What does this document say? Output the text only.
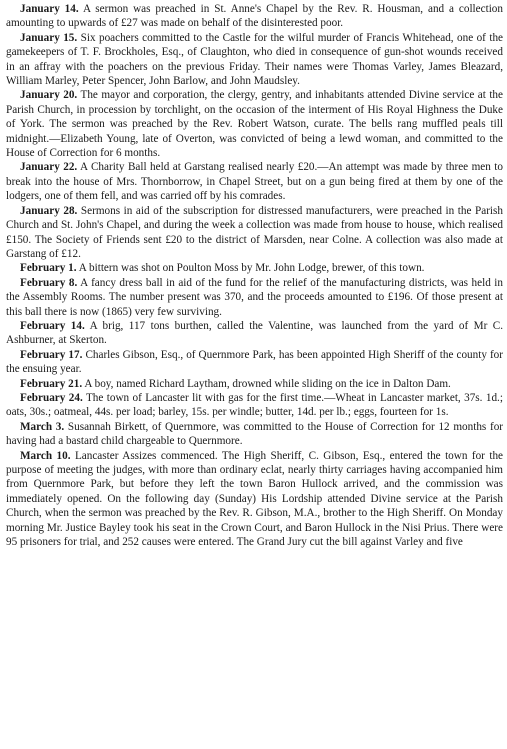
January 14. A sermon was preached in St. Anne's Chapel by the Rev. R. Housman, and a collection amounting to upwards of £27 was made on behalf of the disinterested poor.

January 15. Six poachers committed to the Castle for the wilful murder of Francis Whitehead, one of the gamekeepers of T. F. Brockholes, Esq., of Claughton, who died in consequence of gun-shot wounds received in an affray with the poachers on the previous Friday. Their names were Thomas Varley, James Bleazard, William Marley, Peter Spencer, John Barlow, and John Maudsley.

January 20. The mayor and corporation, the clergy, gentry, and inhabitants attended Divine service at the Parish Church, in procession by torchlight, on the occasion of the interment of His Royal Highness the Duke of York. The sermon was preached by the Rev. Robert Watson, curate. The bells rang muffled peals till midnight.—Elizabeth Young, late of Overton, was convicted of being a lewd woman, and committed to the House of Correction for 6 months.

January 22. A Charity Ball held at Garstang realised nearly £20.—An attempt was made by three men to break into the house of Mrs. Thornborrow, in Chapel Street, but on a gun being fired at them by one of the lodgers, one of them fell, and was carried off by his comrades.

January 28. Sermons in aid of the subscription for distressed manufacturers, were preached in the Parish Church and St. John's Chapel, and during the week a collection was made from house to house, which realised £150. The Society of Friends sent £20 to the district of Marsden, near Colne. A collection was also made at Garstang of £12.

February 1. A bittern was shot on Poulton Moss by Mr. John Lodge, brewer, of this town.

February 8. A fancy dress ball in aid of the fund for the relief of the manufacturing districts, was held in the Assembly Rooms. The number present was 370, and the proceeds amounted to £196. Of those present at this ball there is now (1865) very few surviving.

February 14. A brig, 117 tons burthen, called the Valentine, was launched from the yard of Mr C. Ashburner, at Skerton.

February 17. Charles Gibson, Esq., of Quernmore Park, has been appointed High Sheriff of the county for the ensuing year.

February 21. A boy, named Richard Laytham, drowned while sliding on the ice in Dalton Dam.

February 24. The town of Lancaster lit with gas for the first time.—Wheat in Lancaster market, 37s. 1d.; oats, 30s.; oatmeal, 44s. per load; barley, 15s. per windle; butter, 14d. per lb.; eggs, fourteen for 1s.

March 3. Susannah Birkett, of Quernmore, was committed to the House of Correction for 12 months for having had a bastard child chargeable to Quernmore.

March 10. Lancaster Assizes commenced. The High Sheriff, C. Gibson, Esq., entered the town for the purpose of meeting the judges, with more than ordinary eclat, nearly thirty carriages having accompanied him from Quernmore Park, but before they left the town Baron Hullock arrived, and the commission was immediately opened. On the following day (Sunday) His Lordship attended Divine service at the Parish Church, when the sermon was preached by the Rev. R. Gibson, M.A., brother to the High Sheriff. On Monday morning Mr. Justice Bayley took his seat in the Crown Court, and Baron Hullock in the Nisi Prius. There were 95 prisoners for trial, and 252 causes were entered. The Grand Jury cut the bill against Varley and five
